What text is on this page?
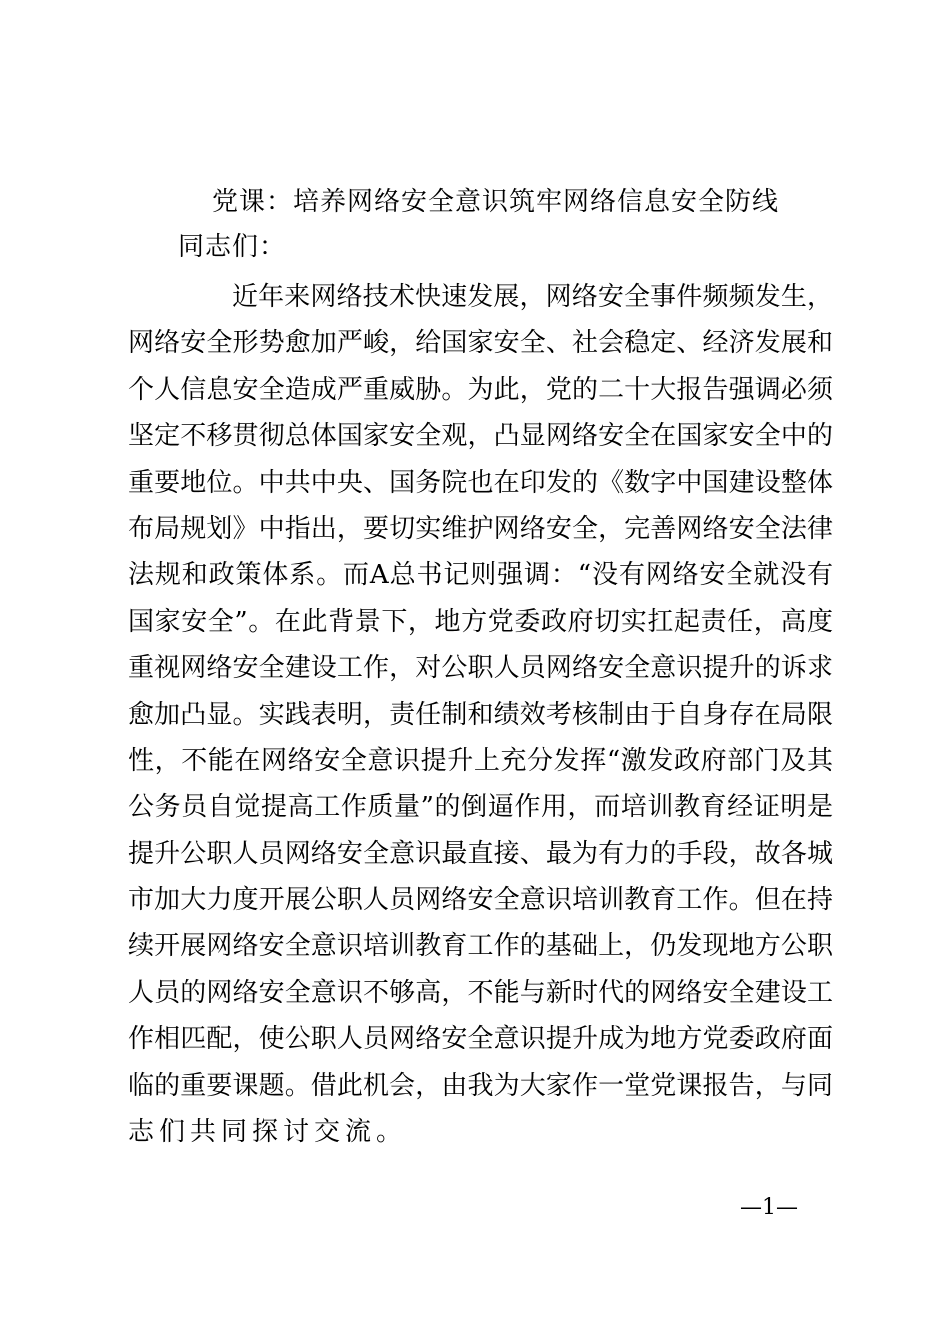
党课：培养网络安全意识筑牢网络信息安全防线
同志们：
近年来网络技术快速发展，网络安全事件频频发生，
网络安全形势愈加严峻，给国家安全、社会稳定、经济发展和
个人信息安全造成严重威胁。为此，党的二十大报告强调必须
坚定不移贯彻总体国家安全观，凸显网络安全在国家安全中的
重要地位。中共中央、国务院也在印发的《数字中国建设整体
布局规划》中指出，要切实维护网络安全，完善网络安全法律
法规和政策体系。而A总书记则强调：“没有网络安全就没有
国家安全”。在此背景下，地方党委政府切实扛起责任，高度
重视网络安全建设工作，对公职人员网络安全意识提升的诉求
愈加凸显。实践表明，责任制和绩效考核制由于自身存在局限
性，不能在网络安全意识提升上充分发挥“激发政府部门及其
公务员自觉提高工作质量”的倒逼作用，而培训教育经证明是
提升公职人员网络安全意识最直接、最为有力的手段，故各城
市加大力度开展公职人员网络安全意识培训教育工作。但在持
续开展网络安全意识培训教育工作的基础上，仍发现地方公职
人员的网络安全意识不够高，不能与新时代的网络安全建设工
作相匹配，使公职人员网络安全意识提升成为地方党委政府面
临的重要课题。借此机会，由我为大家作一堂党课报告，与同
志们共同探讨交流。
—1—
